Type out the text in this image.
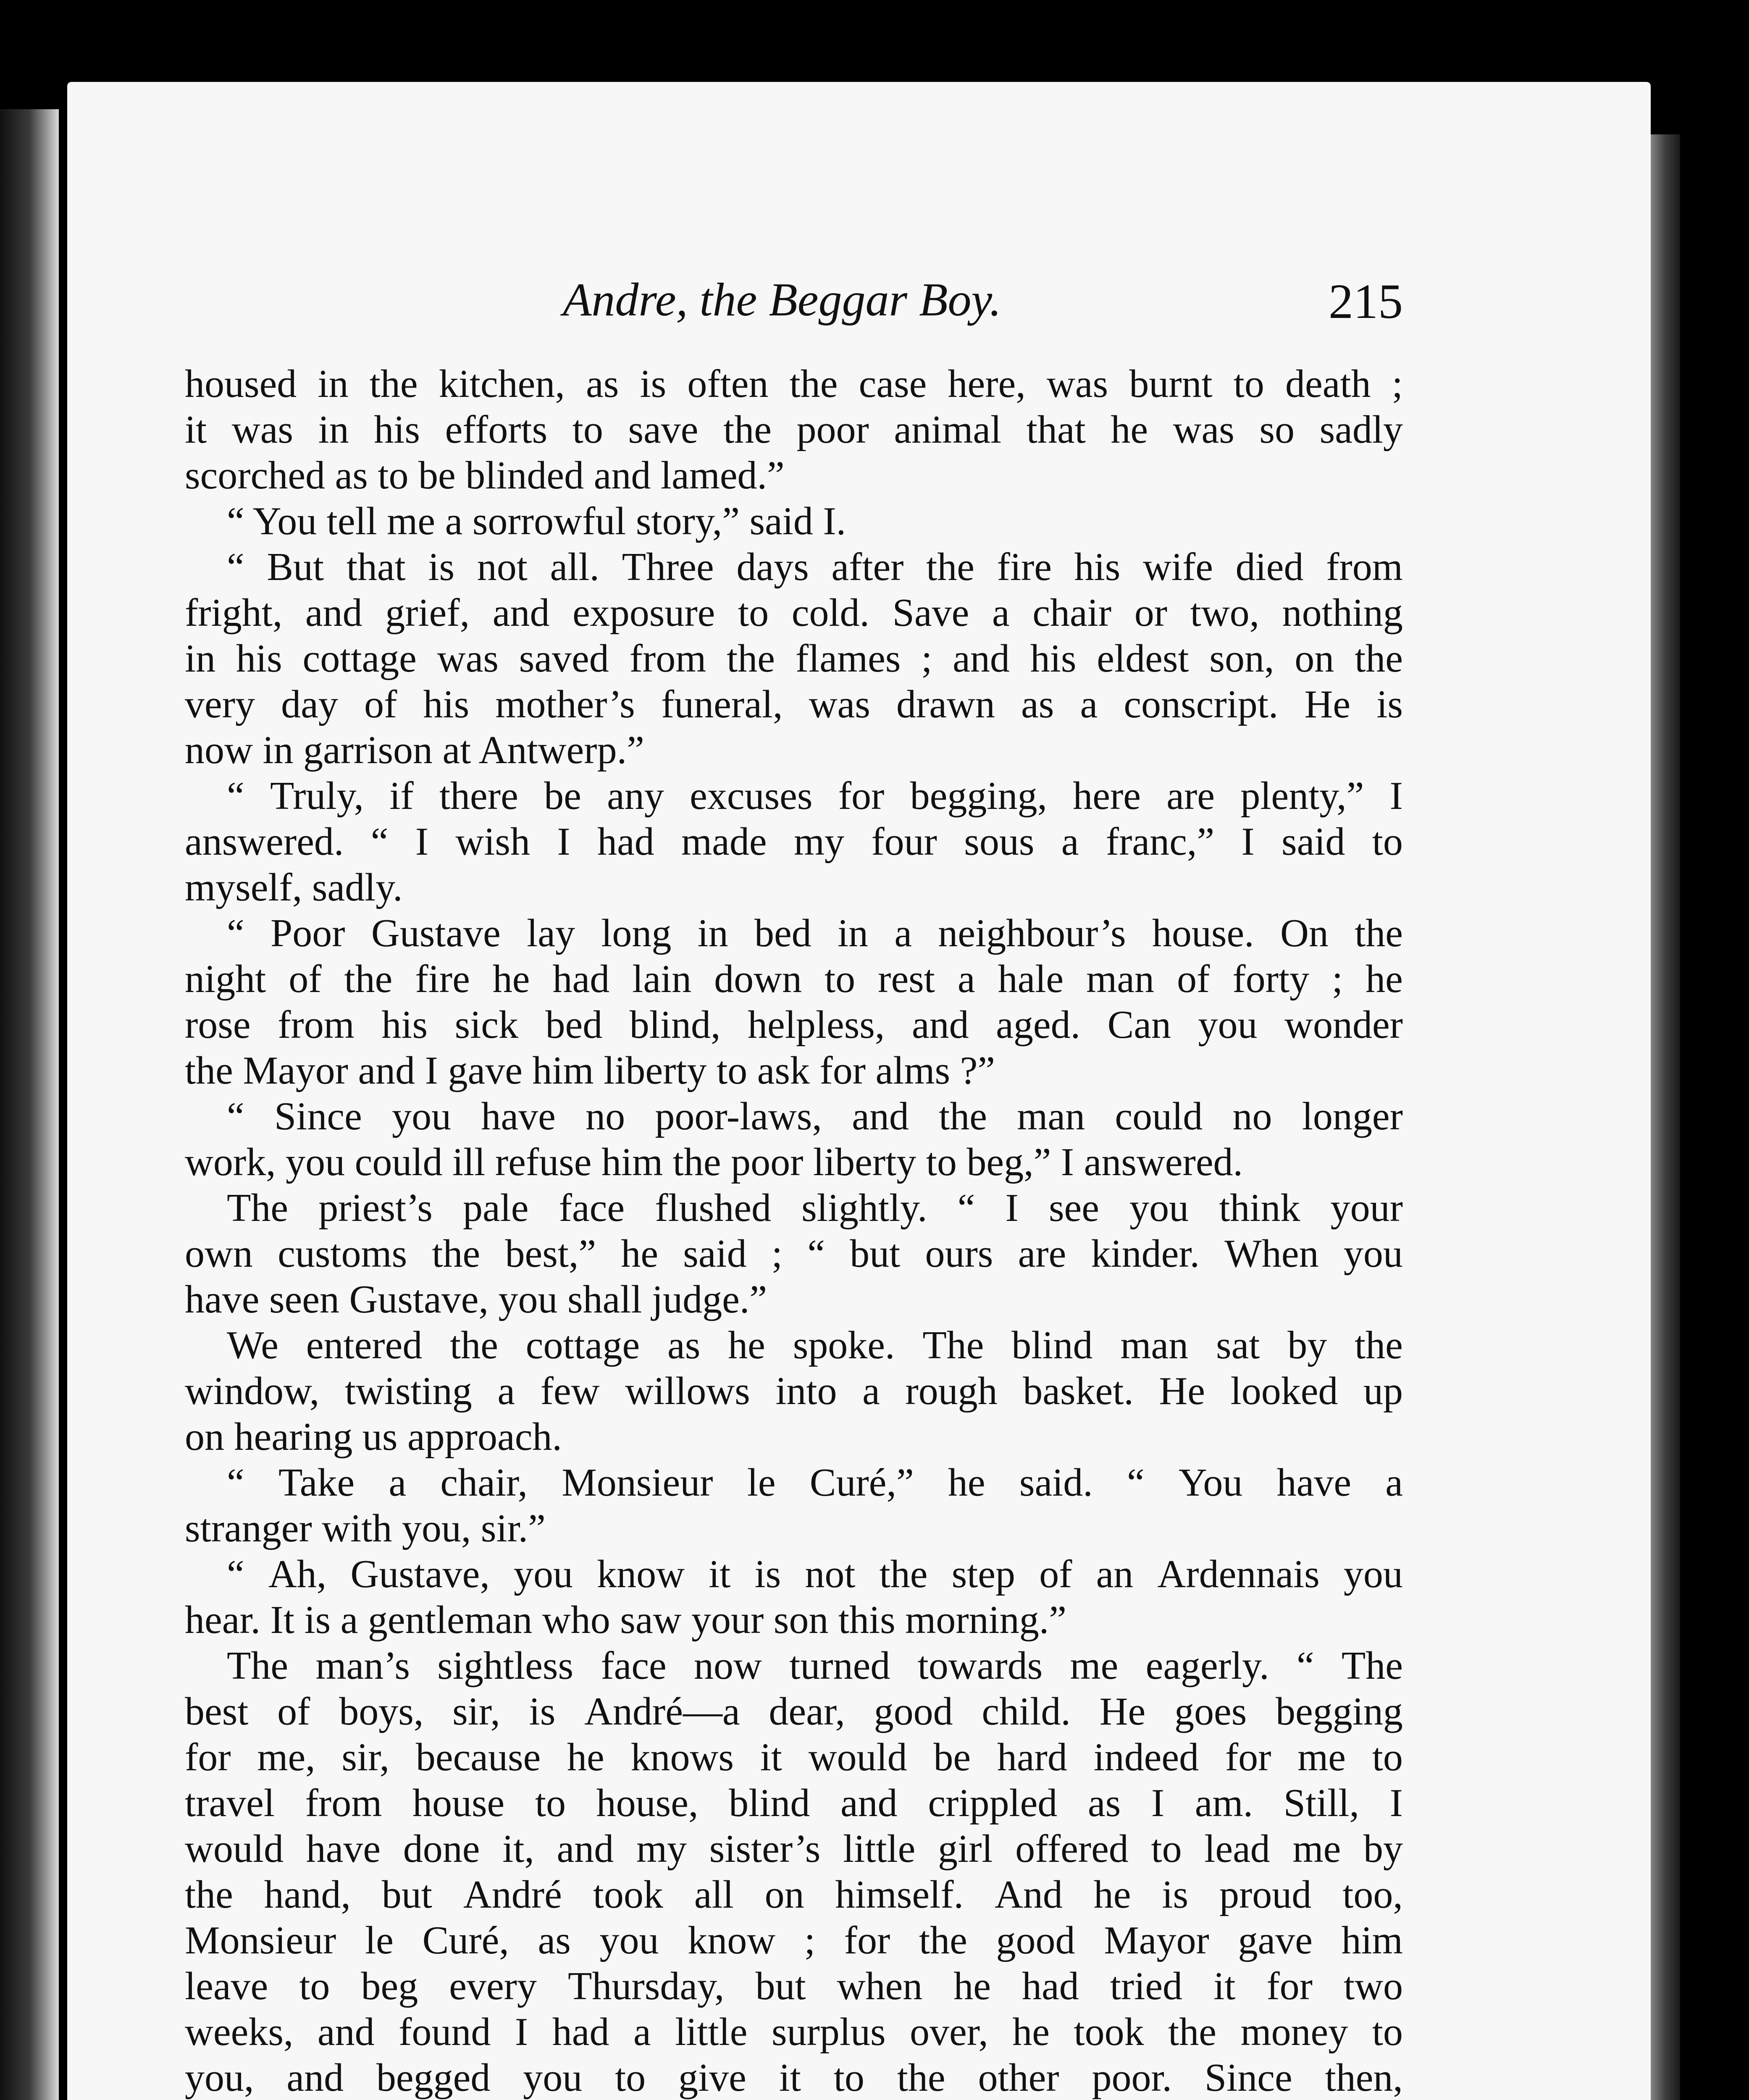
Andre, the Beggar Boy.	215
housed in the kitchen, as is often the case here, was burnt to death ;
it was in his efforts to save the poor animal that he was so sadly
scorched as to be blinded and lamed.”
“ You tell me a sorrowful story,” said I.
“ But that is not all. Three days after the fire his wife died from
fright, and grief, and exposure to cold. Save a chair or two, nothing
in his cottage was saved from the flames ; and his eldest son, on the
very day of his mother’s funeral, was drawn as a conscript. He is
now in garrison at Antwerp.”
“ Truly, if there be any excuses for begging, here are plenty,” I
answered. “ I wish I had made my four sous a franc,” I said to
myself, sadly.
“ Poor Gustave lay long in bed in a neighbour’s house. On the
night of the fire he had lain down to rest a hale man of forty ; he
rose from his sick bed blind, helpless, and aged. Can you wonder
the Mayor and I gave him liberty to ask for alms ?”
“ Since you have no poor-laws, and the man could no longer
work, you could ill refuse him the poor liberty to beg,” I answered.
The priest’s pale face flushed slightly. “ I see you think your
own customs the best,” he said ; “ but ours are kinder. When you
have seen Gustave, you shall judge.”
We entered the cottage as he spoke. The blind man sat by the
window, twisting a few willows into a rough basket. He looked up
on hearing us approach.
“ Take a chair, Monsieur le Curé,” he said. “ You have a
stranger with you, sir.”
“ Ah, Gustave, you know it is not the step of an Ardennais you
hear. It is a gentleman who saw your son this morning.”
The man’s sightless face now turned towards me eagerly. “ The
best of boys, sir, is André—a dear, good child. He goes begging
for me, sir, because he knows it would be hard indeed for me to
travel from house to house, blind and crippled as I am. Still, I
would have done it, and my sister’s little girl offered to lead me by
the hand, but André took all on himself. And he is proud too,
Monsieur le Curé, as you know ; for the good Mayor gave him
leave to beg every Thursday, but when he had tried it for two
weeks, and found I had a little surplus over, he took the money to
you, and begged you to give it to the other poor. Since then,
